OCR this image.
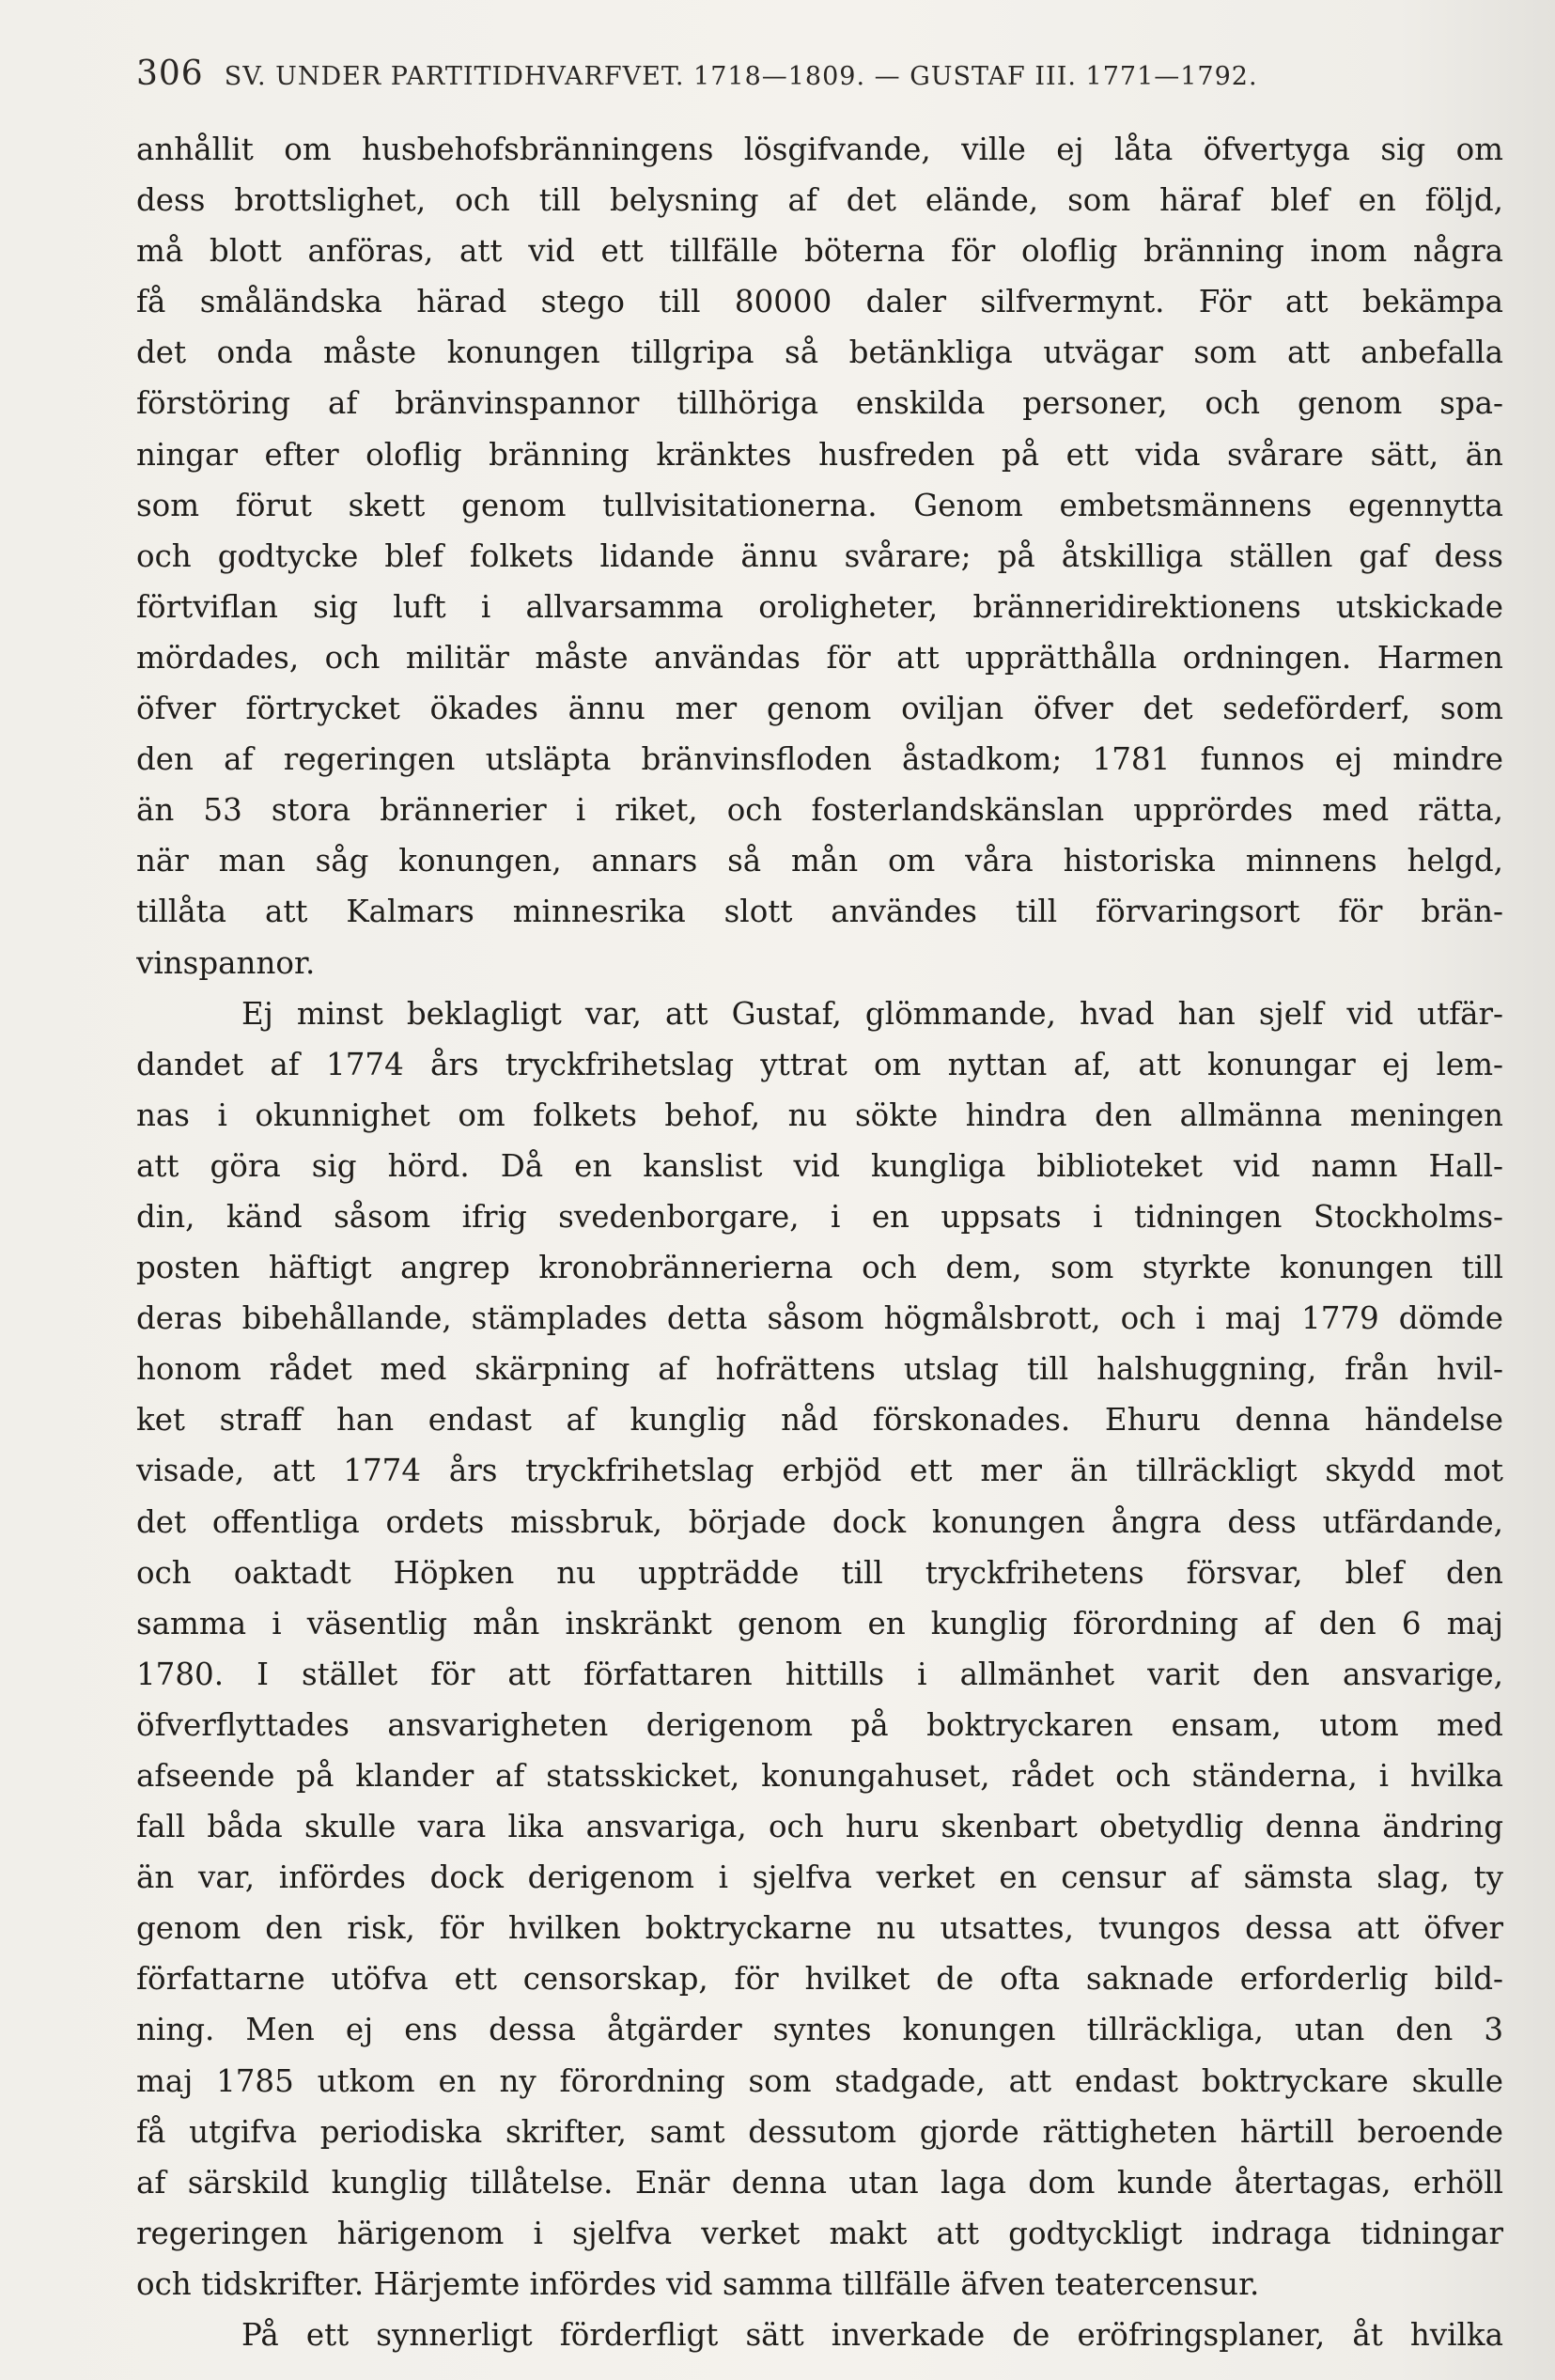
306 SV. UNDER PARTITIDHVARFVET. 1718—1809. — GUSTAF III. 1771—1792.
anhållit om husbehofsbränningens lösgifvande, ville ej låta öfvertyga sig om
dess brottslighet, och till belysning af det elände, som häraf blef en följd,
må blott anföras, att vid ett tillfälle böterna för oloflig bränning inom några
få småländska härad stego till 80000 daler silfvermynt. För att bekämpa
det onda måste konungen tillgripa så betänkliga utvägar som att anbefalla
förstöring af bränvinspannor tillhöriga enskilda personer, och genom spa-
ningar efter oloflig bränning kränktes husfreden på ett vida svårare sätt, än
som förut skett genom tullvisitationerna. Genom embetsmännens egennytta
och godtycke blef folkets lidande ännu svårare; på åtskilliga ställen gaf dess
förtviflan sig luft i allvarsamma oroligheter, bränneridirektionens utskickade
mördades, och militär måste användas för att upprätthålla ordningen. Harmen
öfver förtrycket ökades ännu mer genom oviljan öfver det sedeförderf, som
den af regeringen utsläpta bränvinsfloden åstadkom; 1781 funnos ej mindre
än 53 stora brännerier i riket, och fosterlandskänslan upprördes med rätta,
när man såg konungen, annars så mån om våra historiska minnens helgd,
tillåta att Kalmars minnesrika slott användes till förvaringsort för brän-
vinspannor.
Ej minst beklagligt var, att Gustaf, glömmande, hvad han sjelf vid utfär-
dandet af 1774 års tryckfrihetslag yttrat om nyttan af, att konungar ej lem-
nas i okunnighet om folkets behof, nu sökte hindra den allmänna meningen
att göra sig hörd. Då en kanslist vid kungliga biblioteket vid namn Hall-
din, känd såsom ifrig svedenborgare, i en uppsats i tidningen Stockholms-
posten häftigt angrep kronobrännerierna och dem, som styrkte konungen till
deras bibehållande, stämplades detta såsom högmålsbrott, och i maj 1779 dömde
honom rådet med skärpning af hofrättens utslag till halshuggning, från hvil-
ket straff han endast af kunglig nåd förskonades. Ehuru denna händelse
visade, att 1774 års tryckfrihetslag erbjöd ett mer än tillräckligt skydd mot
det offentliga ordets missbruk, började dock konungen ångra dess utfärdande,
och oaktadt Höpken nu uppträdde till tryckfrihetens försvar, blef den
samma i väsentlig mån inskränkt genom en kunglig förordning af den 6 maj
1780. I stället för att författaren hittills i allmänhet varit den ansvarige,
öfverflyttades ansvarigheten derigenom på boktryckaren ensam, utom med
afseende på klander af statsskicket, konungahuset, rådet och ständerna, i hvilka
fall båda skulle vara lika ansvariga, och huru skenbart obetydlig denna ändring
än var, infördes dock derigenom i sjelfva verket en censur af sämsta slag, ty
genom den risk, för hvilken boktryckarne nu utsattes, tvungos dessa att öfver
författarne utöfva ett censorskap, för hvilket de ofta saknade erforderlig bild-
ning. Men ej ens dessa åtgärder syntes konungen tillräckliga, utan den 3
maj 1785 utkom en ny förordning som stadgade, att endast boktryckare skulle
få utgifva periodiska skrifter, samt dessutom gjorde rättigheten härtill beroende
af särskild kunglig tillåtelse. Enär denna utan laga dom kunde återtagas, erhöll
regeringen härigenom i sjelfva verket makt att godtyckligt indraga tidningar
och tidskrifter. Härjemte infördes vid samma tillfälle äfven teatercensur.
På ett synnerligt förderfligt sätt inverkade de eröfringsplaner, åt hvilka
